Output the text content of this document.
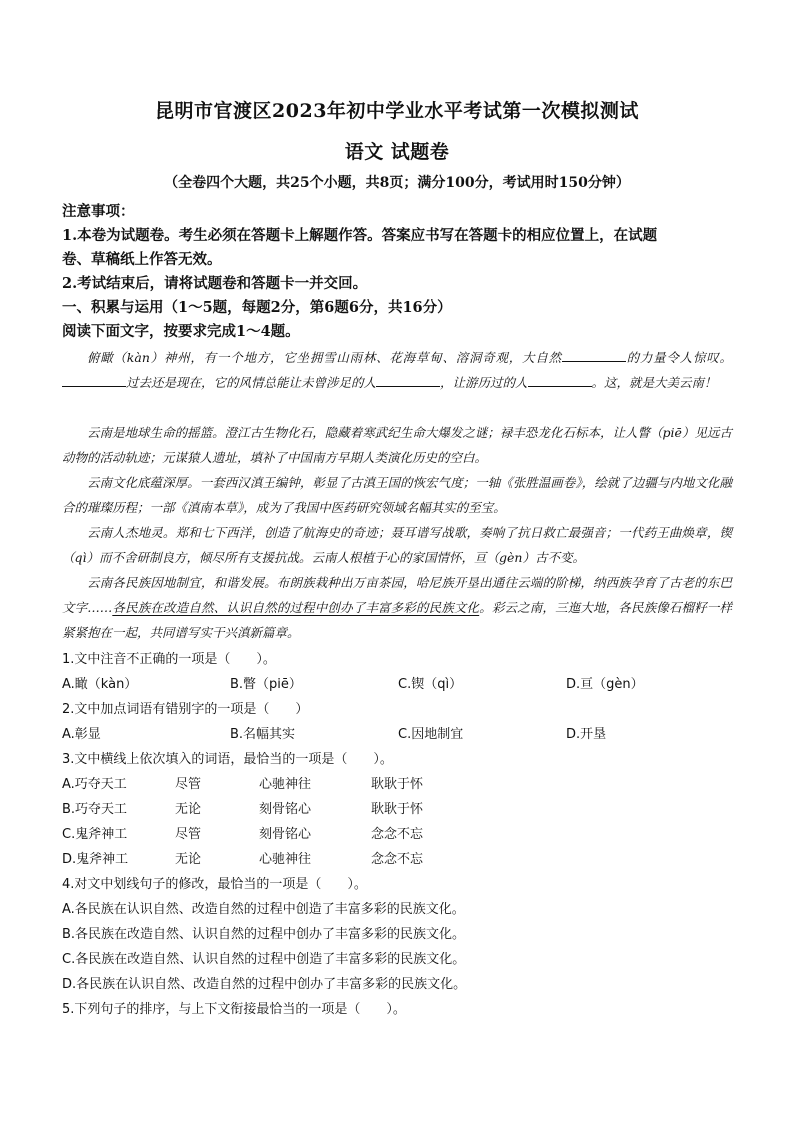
昆明市官渡区2023年初中学业水平考试第一次模拟测试
语文 试题卷
（全卷四个大题，共25个小题，共8页；满分100分，考试用时150分钟）
注意事项：
1.本卷为试题卷。考生必须在答题卡上解题作答。答案应书写在答题卡的相应位置上，在试题
卷、草稿纸上作答无效。
2.考试结束后，请将试题卷和答题卡一并交回。
一、积累与运用（1～5题，每题2分，第6题6分，共16分）
阅读下面文字，按要求完成1～4题。
俯瞰（kàn）神州，有一个地方，它坐拥雪山雨林、花海草甸、溶洞奇观，大自然	的力量令人惊叹。过去还是现在，它的风情总能让未曾涉足的人	，让游历过的人	。这，就是大美云南！
云南是地球生命的摇篮。澄江古生物化石，隐藏着寒武纪生命大爆发之谜；禄丰恐龙化石标本，让人瞥（piē）见远古动物的活动轨迹；元谋猿人遗址，填补了中国南方早期人类演化历史的空白。
云南文化底蕴深厚。一套西汉滇王编钟，彰显了古滇王国的恢宏气度；一轴《张胜温画卷》，绘就了边疆与内地文化融合的璀璨历程；一部《滇南本草》，成为了我国中医药研究领域名幅其实的至宝。
云南人杰地灵。郑和七下西洋，创造了航海史的奇迹；聂耳谱写战歌，奏响了抗日救亡最强音；一代药王曲焕章，锲（qì）而不舍研制良方，倾尽所有支援抗战。云南人根植于心的家国情怀，亘（gèn）古不变。
云南各民族因地制宜，和谐发展。布朗族栽种出万亩茶园，哈尼族开垦出通往云端的阶梯，纳西族孕育了古老的东巴文字……各民族在改造自然、认识自然的过程中创办了丰富多彩的民族文化。彩云之南，三迤大地，各民族像石榴籽一样紧紧抱在一起，共同谱写实干兴滇新篇章。
1.文中注音不正确的一项是（　　）。
A.瞰（kàn）	B.瞥（piē）	C.锲（qì）	D.亘（gèn）
2.文中加点词语有错别字的一项是（　　）
A.彰显	B.名幅其实	C.因地制宜	D.开垦
3.文中横线上依次填入的词语，最恰当的一项是（　　）。
A.巧夺天工	尽管	心驰神往	耿耿于怀
B.巧夺天工	无论	刻骨铭心	耿耿于怀
C.鬼斧神工	尽管	刻骨铭心	念念不忘
D.鬼斧神工	无论	心驰神往	念念不忘
4.对文中划线句子的修改，最恰当的一项是（　　）。
A.各民族在认识自然、改造自然的过程中创造了丰富多彩的民族文化。
B.各民族在改造自然、认识自然的过程中创办了丰富多彩的民族文化。
C.各民族在改造自然、认识自然的过程中创造了丰富多彩的民族文化。
D.各民族在认识自然、改造自然的过程中创办了丰富多彩的民族文化。
5.下列句子的排序，与上下文衔接最恰当的一项是（　　）。
